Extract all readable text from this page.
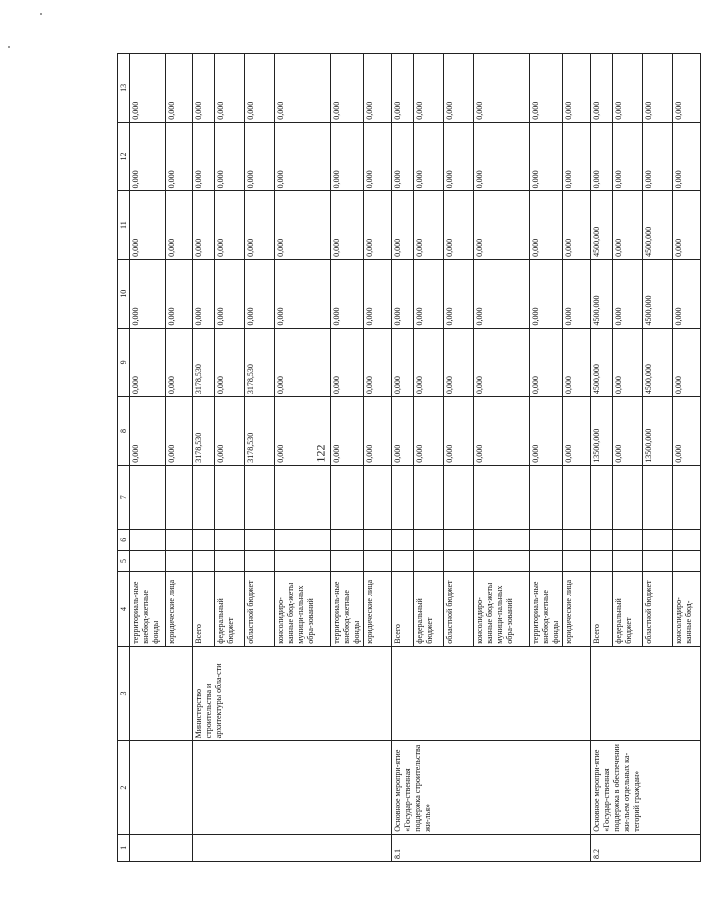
122
1	2	3	4	5	6	7	8	9	10	11	12	13
			территориаль-ные внебюд-жетные фонды				0,000	0,000	0,000	0,000	0,000	0,000
			юридические лица				0,000	0,000	0,000	0,000	0,000	0,000
		Министерство строительства и архитектуры обла-сти	Всего				3178,530	3178,530	0,000	0,000	0,000	0,000
			федеральный бюджет				0,000	0,000	0,000	0,000	0,000	0,000
			областной бюджет				3178,530	3178,530	0,000	0,000	0,000	0,000
			консолидиро-ванные бюд-жеты муници-пальных обра-зований				0,000	0,000	0,000	0,000	0,000	0,000
			территориаль-ные внебюд-жетные фонды				0,000	0,000	0,000	0,000	0,000	0,000
			юридические лица				0,000	0,000	0,000	0,000	0,000	0,000
8.1	Основное меропри-ятие «Государ-ственная поддержка строительства жи-лья»		Всего				0,000	0,000	0,000	0,000	0,000	0,000
			федеральный бюджет				0,000	0,000	0,000	0,000	0,000	0,000
			областной бюджет				0,000	0,000	0,000	0,000	0,000	0,000
			консолидиро-ванные бюд-жеты муници-пальных обра-зований				0,000	0,000	0,000	0,000	0,000	0,000
			территориаль-ные внебюд-жетные фонды				0,000	0,000	0,000	0,000	0,000	0,000
			юридические лица				0,000	0,000	0,000	0,000	0,000	0,000
8.2	Основное меропри-ятие «Государ-ственная поддержка в обеспечении жи-льем отдельных ка-тегорий граждан»		Всего				13500,000	4500,000	4500,000	4500,000	0,000	0,000
			федеральный бюджет				0,000	0,000	0,000	0,000	0,000	0,000
			областной бюджет				13500,000	4500,000	4500,000	4500,000	0,000	0,000
			консолидиро-ванные бюд-				0,000	0,000	0,000	0,000	0,000	0,000
